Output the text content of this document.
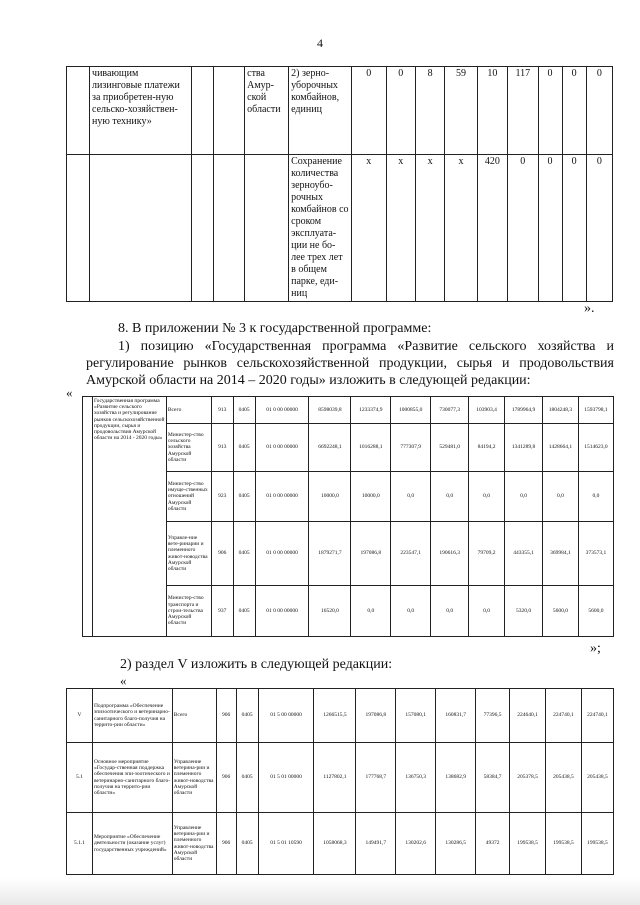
4
	чивающим лизинговые платежи за приобретен-ную сельско-хозяйствен-ную технику»			ства Амур-ской области	2) зерно-уборочных комбайнов, единиц	0	0	8	59	10	117	0	0	0
					Сохранение количества зерноубо-рочных комбайнов со сроком эксплуата-ции не бо-лее трех лет в общем парке, еди-ниц	x	x	x	x	420	0	0	0	0
».

8. В приложении № 3 к государственной программе:

1) позицию «Государственная программа «Развитие сельского хозяйства и регулирование рынков сельскохозяйственной продукции, сырья и продовольствия Амурской области на 2014 – 2020 годы» изложить в следующей редакции:

«
	Государственная программа «Развитие сельского хозяйства и регулирование рынков сельскохозяйственной продукции, сырья и продовольствия Амурской области на 2014 - 2020 годы»	Всего	913	0405	01 0 00 00000	8598039,8	1233374,9	1000855,0	730077,3	103903,4	1789964,9	1804248,3	1593798,1
		Министер-ство сельского хозяйства Амурской области	913	0405	01 0 00 00000	6692248,1	1016288,1	777307,9	529481,0	84194,2	1341289,8	1428664,1	1514623,0
		Министер-ство имуще-ственных отношений Амурской области	923	0405	01 0 00 00000	10000,0	10000,0	0,0	0,0	0,0	0,0	0,0	0,0
		Управле-ние вете-ринарии и племенного живот-новодства Амурской области	906	0405	01 0 00 00000	1879271,7	197086,8	223547,1	190616,3	79709,2	443355,1	369984,1	373573,1
		Министер-ство транспорта и строи-тельства Амурской области	937	0405	01 0 00 00000	16520,0	0,0	0,0	0,0	0,0	5320,0	5600,0	5600,0
»;

2) раздел V изложить в следующей редакции:

«
V	Подпрограмма «Обеспечение эпизоотического и ветеринарно-санитарного благо-получия на террито-рии области»	Всего	906	0405	01 5 00 00000	1266515,5	197086,8	157080,1	160831,7	77396,5	224640,1	224740,1	224740,1
5.1	Основное мероприятие «Государ-ственная поддержка обеспечения эпи-зоотического и ветеринарно-санитарного благо-получия на террито-рии области»	Управление ветерина-рии и племенного живот-новодства Амурской области	906	0405	01 5 01 00000	1127802,1	177768,7	136750,3	138682,9	58384,7	205378,5	205438,5	205438,5
5.1.1	Мероприятие «Обеспечение деятельности (оказание услуг) государственных учреждений»	Управление ветерина-рии и племенного живот-новодства Амурской области	906	0405	01 5 01 10590	1058068,3	149491,7	130202,6	130286,5	49372	199538,5	199538,5	199538,5
